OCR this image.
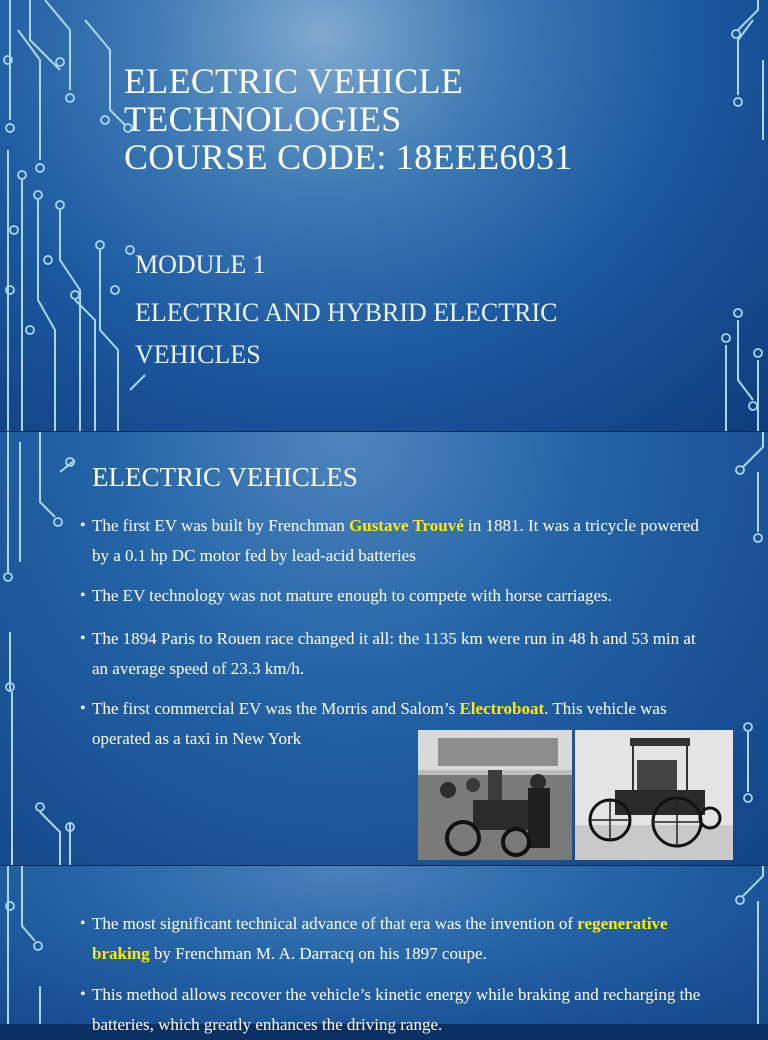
ELECTRIC VEHICLE
TECHNOLOGIES
COURSE CODE: 18EEE6031
MODULE 1
ELECTRIC AND HYBRID ELECTRIC
VEHICLES
ELECTRIC VEHICLES
• The first EV was built by Frenchman Gustave Trouvé in 1881. It was a tricycle powered by a 0.1 hp DC motor fed by lead-acid batteries
• The EV technology was not mature enough to compete with horse carriages.
• The 1894 Paris to Rouen race changed it all: the 1135 km were run in 48 h and 53 min at an average speed of 23.3 km/h.
• The first commercial EV was the Morris and Salom’s Electroboat. This vehicle was operated as a taxi in New York
• The most significant technical advance of that era was the invention of regenerative braking by Frenchman M. A. Darracq on his 1897 coupe.
• This method allows recover the vehicle’s kinetic energy while braking and recharging the batteries, which greatly enhances the driving range.
